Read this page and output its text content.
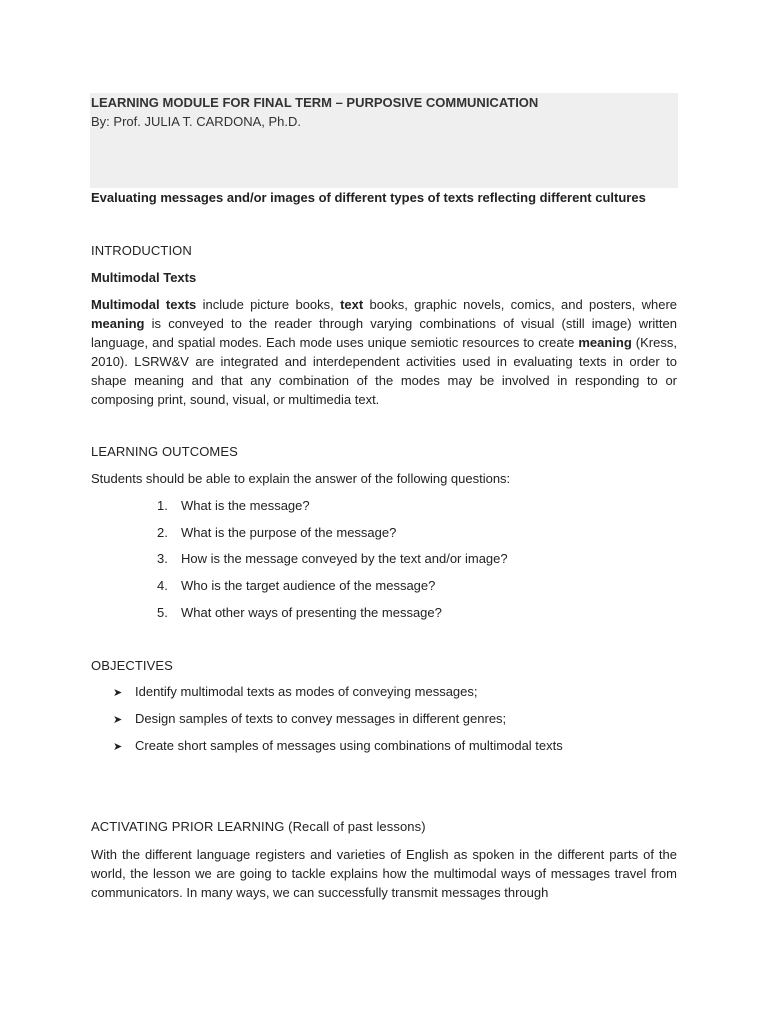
LEARNING MODULE FOR FINAL TERM – PURPOSIVE COMMUNICATION
By: Prof. JULIA T. CARDONA, Ph.D.
Evaluating messages and/or images of different types of texts reflecting different cultures
INTRODUCTION
Multimodal Texts
Multimodal texts include picture books, text books, graphic novels, comics, and posters, where meaning is conveyed to the reader through varying combinations of visual (still image) written language, and spatial modes. Each mode uses unique semiotic resources to create meaning (Kress, 2010). LSRW&V are integrated and interdependent activities used in evaluating texts in order to shape meaning and that any combination of the modes may be involved in responding to or composing print, sound, visual, or multimedia text.
LEARNING OUTCOMES
Students should be able to explain the answer of the following questions:
1. What is the message?
2. What is the purpose of the message?
3. How is the message conveyed by the text and/or image?
4. Who is the target audience of the message?
5. What other ways of presenting the message?
OBJECTIVES
➤ Identify multimodal texts as modes of conveying messages;
➤ Design samples of texts to convey messages in different genres;
➤ Create short samples of messages using combinations of multimodal texts
ACTIVATING PRIOR LEARNING (Recall of past lessons)
With the different language registers and varieties of English as spoken in the different parts of the world, the lesson we are going to tackle explains how the multimodal ways of messages travel from communicators. In many ways, we can successfully transmit messages through
